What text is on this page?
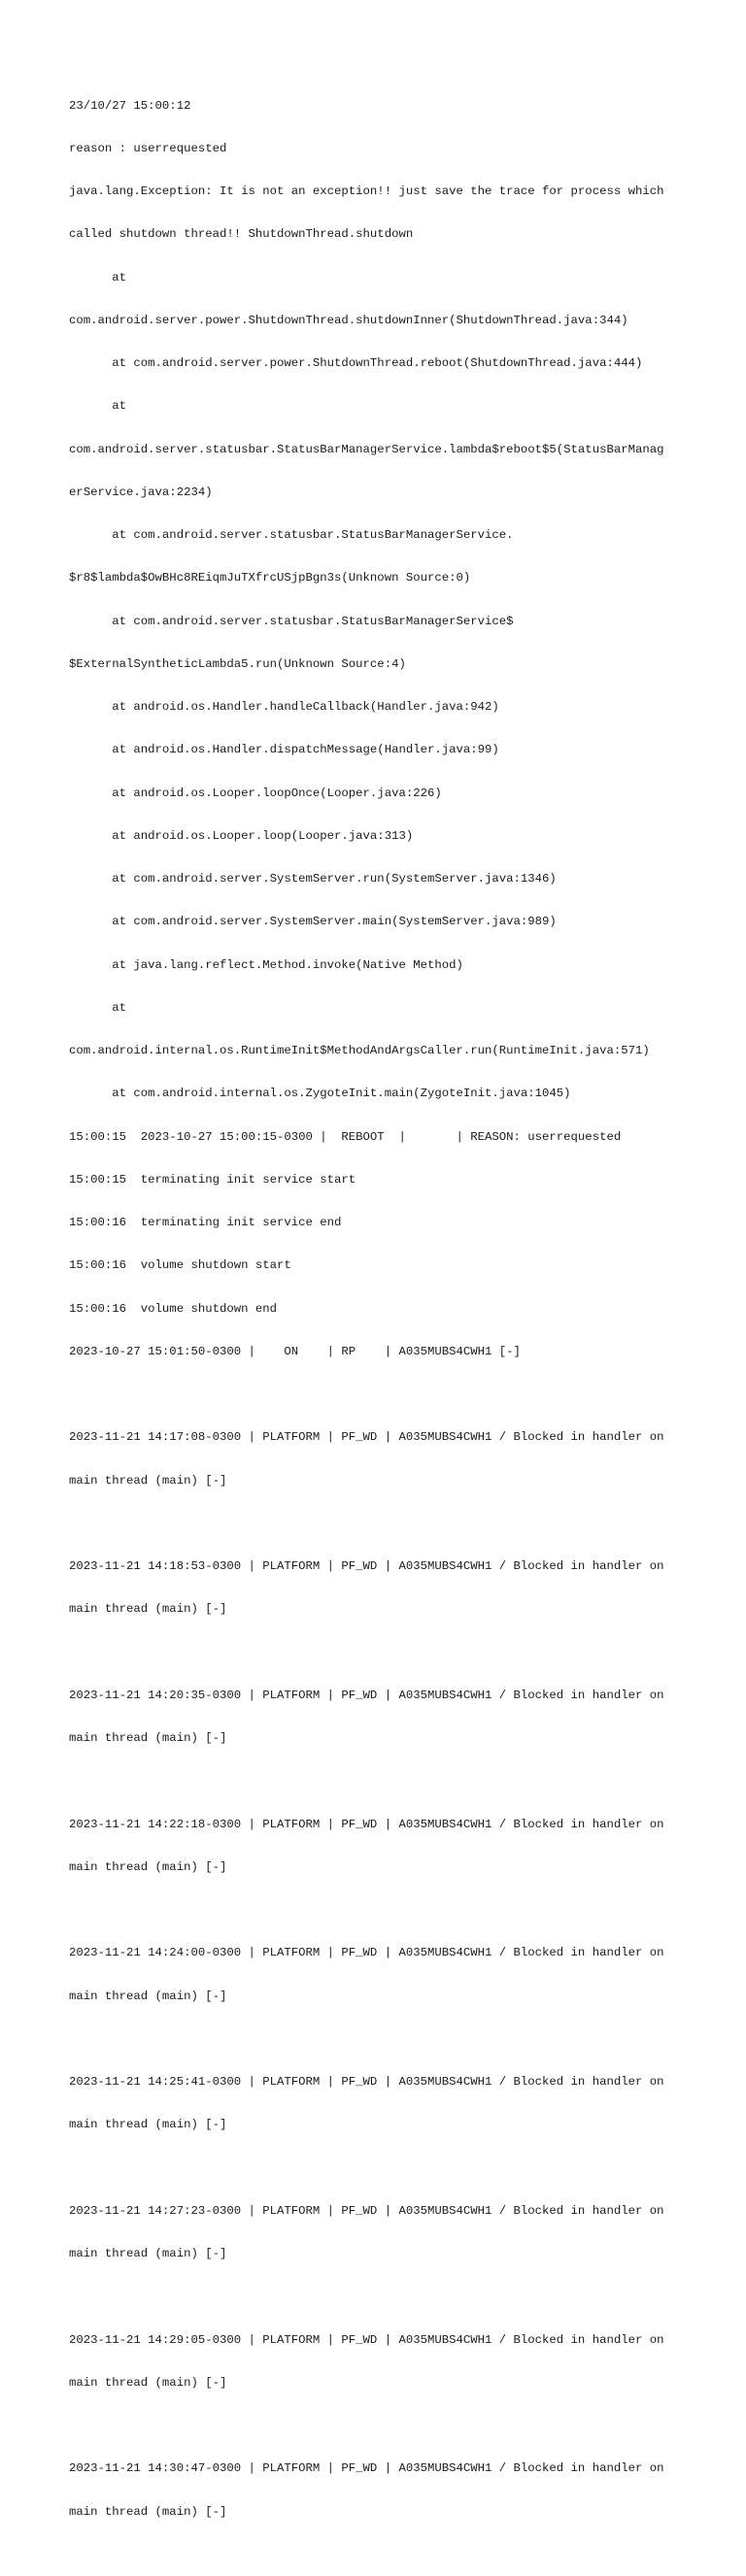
23/10/27 15:00:12

reason : userrequested

java.lang.Exception: It is not an exception!! just save the trace for process which

called shutdown thread!! ShutdownThread.shutdown

at

com.android.server.power.ShutdownThread.shutdownInner(ShutdownThread.java:344)

at com.android.server.power.ShutdownThread.reboot(ShutdownThread.java:444)

at

com.android.server.statusbar.StatusBarManagerService.lambda$reboot$5(StatusBarManag

erService.java:2234)

at com.android.server.statusbar.StatusBarManagerService.

$r8$lambda$OwBHc8REiqmJuTXfrcUSjpBgn3s(Unknown Source:0)

at com.android.server.statusbar.StatusBarManagerService$

$ExternalSyntheticLambda5.run(Unknown Source:4)

at android.os.Handler.handleCallback(Handler.java:942)

at android.os.Handler.dispatchMessage(Handler.java:99)

at android.os.Looper.loopOnce(Looper.java:226)

at android.os.Looper.loop(Looper.java:313)

at com.android.server.SystemServer.run(SystemServer.java:1346)

at com.android.server.SystemServer.main(SystemServer.java:989)

at java.lang.reflect.Method.invoke(Native Method)

at

com.android.internal.os.RuntimeInit$MethodAndArgsCaller.run(RuntimeInit.java:571)

at com.android.internal.os.ZygoteInit.main(ZygoteInit.java:1045)

15:00:15  2023-10-27 15:00:15-0300 |  REBOOT  |       | REASON: userrequested

15:00:15  terminating init service start

15:00:16  terminating init service end

15:00:16  volume shutdown start

15:00:16  volume shutdown end

2023-10-27 15:01:50-0300 |    ON    | RP    | A035MUBS4CWH1 [-]

2023-11-21 14:17:08-0300 | PLATFORM | PF_WD | A035MUBS4CWH1 / Blocked in handler on

main thread (main) [-]

2023-11-21 14:18:53-0300 | PLATFORM | PF_WD | A035MUBS4CWH1 / Blocked in handler on

main thread (main) [-]

2023-11-21 14:20:35-0300 | PLATFORM | PF_WD | A035MUBS4CWH1 / Blocked in handler on

main thread (main) [-]

2023-11-21 14:22:18-0300 | PLATFORM | PF_WD | A035MUBS4CWH1 / Blocked in handler on

main thread (main) [-]

2023-11-21 14:24:00-0300 | PLATFORM | PF_WD | A035MUBS4CWH1 / Blocked in handler on

main thread (main) [-]

2023-11-21 14:25:41-0300 | PLATFORM | PF_WD | A035MUBS4CWH1 / Blocked in handler on

main thread (main) [-]

2023-11-21 14:27:23-0300 | PLATFORM | PF_WD | A035MUBS4CWH1 / Blocked in handler on

main thread (main) [-]

2023-11-21 14:29:05-0300 | PLATFORM | PF_WD | A035MUBS4CWH1 / Blocked in handler on

main thread (main) [-]

2023-11-21 14:30:47-0300 | PLATFORM | PF_WD | A035MUBS4CWH1 / Blocked in handler on

main thread (main) [-]
